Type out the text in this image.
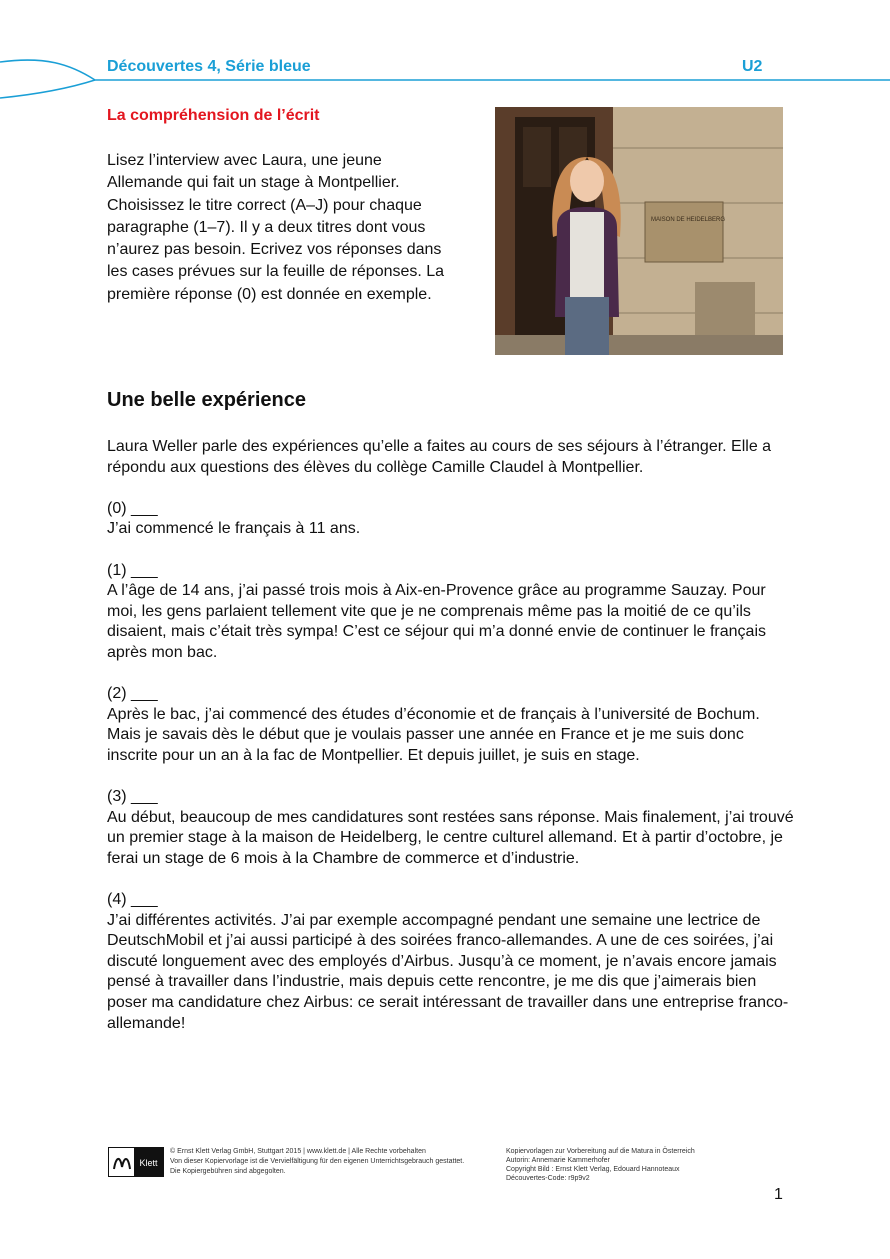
Découvertes 4, Série bleue	U2
La compréhension de l’écrit

Lisez l’interview avec Laura, une jeune Allemande qui fait un stage à Montpellier. Choisissez le titre correct (A–J) pour chaque paragraphe (1–7). Il y a deux titres dont vous n’aurez pas besoin. Ecrivez vos réponses dans les cases prévues sur la feuille de réponses. La première réponse (0) est donnée en exemple.

MAISON DE HEIDELBERG
Une belle expérience

Laura Weller parle des expériences qu’elle a faites au cours de ses séjours à l’étranger. Elle a répondu aux questions des élèves du collège Camille Claudel à Montpellier.

(0) ___
J’ai commencé le français à 11 ans.

(1) ___
A l’âge de 14 ans, j’ai passé trois mois à Aix-en-Provence grâce au programme Sauzay. Pour moi, les gens parlaient tellement vite que je ne comprenais même pas la moitié de ce qu’ils disaient, mais c’était très sympa! C’est ce séjour qui m’a donné envie de continuer le français après mon bac.

(2) ___
Après le bac, j’ai commencé des études d’économie et de français à l’université de Bochum. Mais je savais dès le début que je voulais passer une année en France et je me suis donc inscrite pour un an à la fac de Montpellier. Et depuis juillet, je suis en stage.

(3) ___
Au début, beaucoup de mes candidatures sont restées sans réponse. Mais finalement, j’ai trouvé un premier stage à la maison de Heidelberg, le centre culturel allemand. Et à partir d’octobre, je ferai un stage de 6 mois à la Chambre de commerce et d’industrie.

(4) ___
J’ai différentes activités. J’ai par exemple accompagné pendant une semaine une lectrice de DeutschMobil et j’ai aussi participé à des soirées franco-allemandes. A une de ces soirées, j’ai discuté longuement avec des employés d’Airbus. Jusqu’à ce moment, je n’avais encore jamais pensé à travailler dans l’industrie, mais depuis cette rencontre, je me dis que j’aimerais bien poser ma candidature chez Airbus: ce serait intéressant de travailler dans une entreprise franco-allemande!

Klett
© Ernst Klett Verlag GmbH, Stuttgart 2015 | www.klett.de | Alle Rechte vorbehalten
Von dieser Kopiervorlage ist die Vervielfältigung für den eigenen Unterrichtsgebrauch gestattet.
Die Kopiergebühren sind abgegolten.
Kopiervorlagen zur Vorbereitung auf die Matura in Österreich
Autorin: Annemarie Kammerhofer
Copyright Bild : Ernst Klett Verlag, Edouard Hannoteaux
Découvertes-Code: r9p9v2
1
